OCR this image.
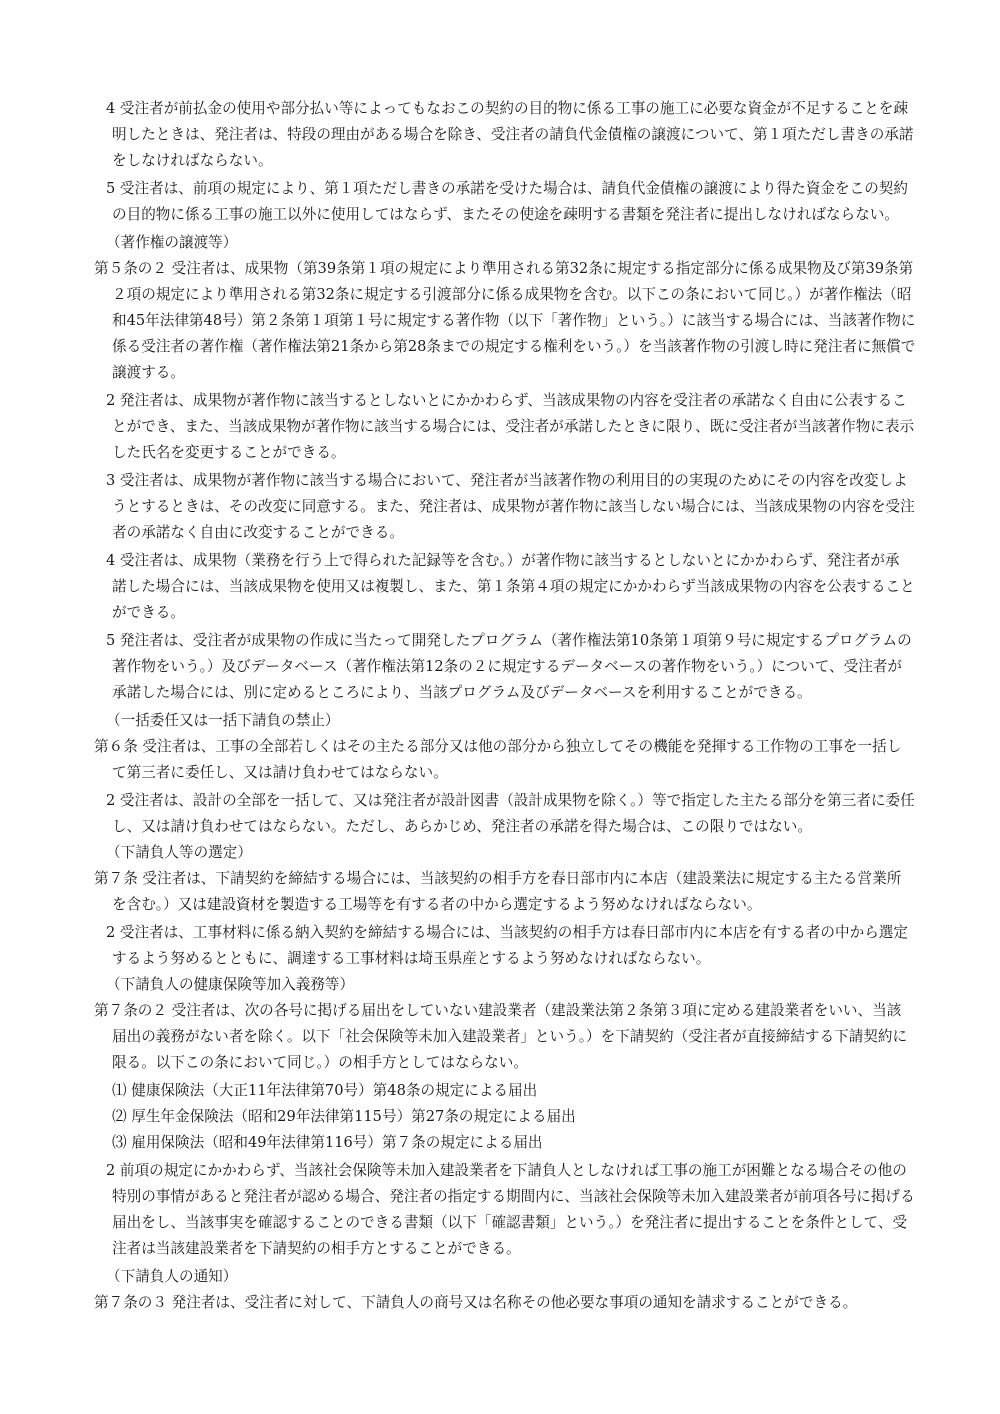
4 受注者が前払金の使用や部分払い等によってもなおこの契約の目的物に係る工事の施工に必要な資金が不足することを疎
明したときは、発注者は、特段の理由がある場合を除き、受注者の請負代金債権の譲渡について、第１項ただし書きの承諾
をしなければならない。
5 受注者は、前項の規定により、第１項ただし書きの承諾を受けた場合は、請負代金債権の譲渡により得た資金をこの契約
の目的物に係る工事の施工以外に使用してはならず、またその使途を疎明する書類を発注者に提出しなければならない。
（著作権の譲渡等）
第５条の２ 受注者は、成果物（第39条第１項の規定により準用される第32条に規定する指定部分に係る成果物及び第39条第
２項の規定により準用される第32条に規定する引渡部分に係る成果物を含む。以下この条において同じ。）が著作権法（昭
和45年法律第48号）第２条第１項第１号に規定する著作物（以下「著作物」という。）に該当する場合には、当該著作物に
係る受注者の著作権（著作権法第21条から第28条までの規定する権利をいう。）を当該著作物の引渡し時に発注者に無償で
譲渡する。
2 発注者は、成果物が著作物に該当するとしないとにかかわらず、当該成果物の内容を受注者の承諾なく自由に公表するこ
とができ、また、当該成果物が著作物に該当する場合には、受注者が承諾したときに限り、既に受注者が当該著作物に表示
した氏名を変更することができる。
3 受注者は、成果物が著作物に該当する場合において、発注者が当該著作物の利用目的の実現のためにその内容を改変しよ
うとするときは、その改変に同意する。また、発注者は、成果物が著作物に該当しない場合には、当該成果物の内容を受注
者の承諾なく自由に改変することができる。
4 受注者は、成果物（業務を行う上で得られた記録等を含む。）が著作物に該当するとしないとにかかわらず、発注者が承
諾した場合には、当該成果物を使用又は複製し、また、第１条第４項の規定にかかわらず当該成果物の内容を公表すること
ができる。
5 発注者は、受注者が成果物の作成に当たって開発したプログラム（著作権法第10条第１項第９号に規定するプログラムの
著作物をいう。）及びデータベース（著作権法第12条の２に規定するデータベースの著作物をいう。）について、受注者が
承諾した場合には、別に定めるところにより、当該プログラム及びデータベースを利用することができる。
（一括委任又は一括下請負の禁止）
第６条 受注者は、工事の全部若しくはその主たる部分又は他の部分から独立してその機能を発揮する工作物の工事を一括し
て第三者に委任し、又は請け負わせてはならない。
2 受注者は、設計の全部を一括して、又は発注者が設計図書（設計成果物を除く。）等で指定した主たる部分を第三者に委任
し、又は請け負わせてはならない。ただし、あらかじめ、発注者の承諾を得た場合は、この限りではない。
（下請負人等の選定）
第７条 受注者は、下請契約を締結する場合には、当該契約の相手方を春日部市内に本店（建設業法に規定する主たる営業所
を含む。）又は建設資材を製造する工場等を有する者の中から選定するよう努めなければならない。
2 受注者は、工事材料に係る納入契約を締結する場合には、当該契約の相手方は春日部市内に本店を有する者の中から選定
するよう努めるとともに、調達する工事材料は埼玉県産とするよう努めなければならない。
（下請負人の健康保険等加入義務等）
第７条の２ 受注者は、次の各号に掲げる届出をしていない建設業者（建設業法第２条第３項に定める建設業者をいい、当該
届出の義務がない者を除く。以下「社会保険等未加入建設業者」という。）を下請契約（受注者が直接締結する下請契約に
限る。以下この条において同じ。）の相手方としてはならない。
⑴ 健康保険法（大正11年法律第70号）第48条の規定による届出
⑵ 厚生年金保険法（昭和29年法律第115号）第27条の規定による届出
⑶ 雇用保険法（昭和49年法律第116号）第７条の規定による届出
2 前項の規定にかかわらず、当該社会保険等未加入建設業者を下請負人としなければ工事の施工が困難となる場合その他の
特別の事情があると発注者が認める場合、発注者の指定する期間内に、当該社会保険等未加入建設業者が前項各号に掲げる
届出をし、当該事実を確認することのできる書類（以下「確認書類」という。）を発注者に提出することを条件として、受
注者は当該建設業者を下請契約の相手方とすることができる。
（下請負人の通知）
第７条の３ 発注者は、受注者に対して、下請負人の商号又は名称その他必要な事項の通知を請求することができる。
